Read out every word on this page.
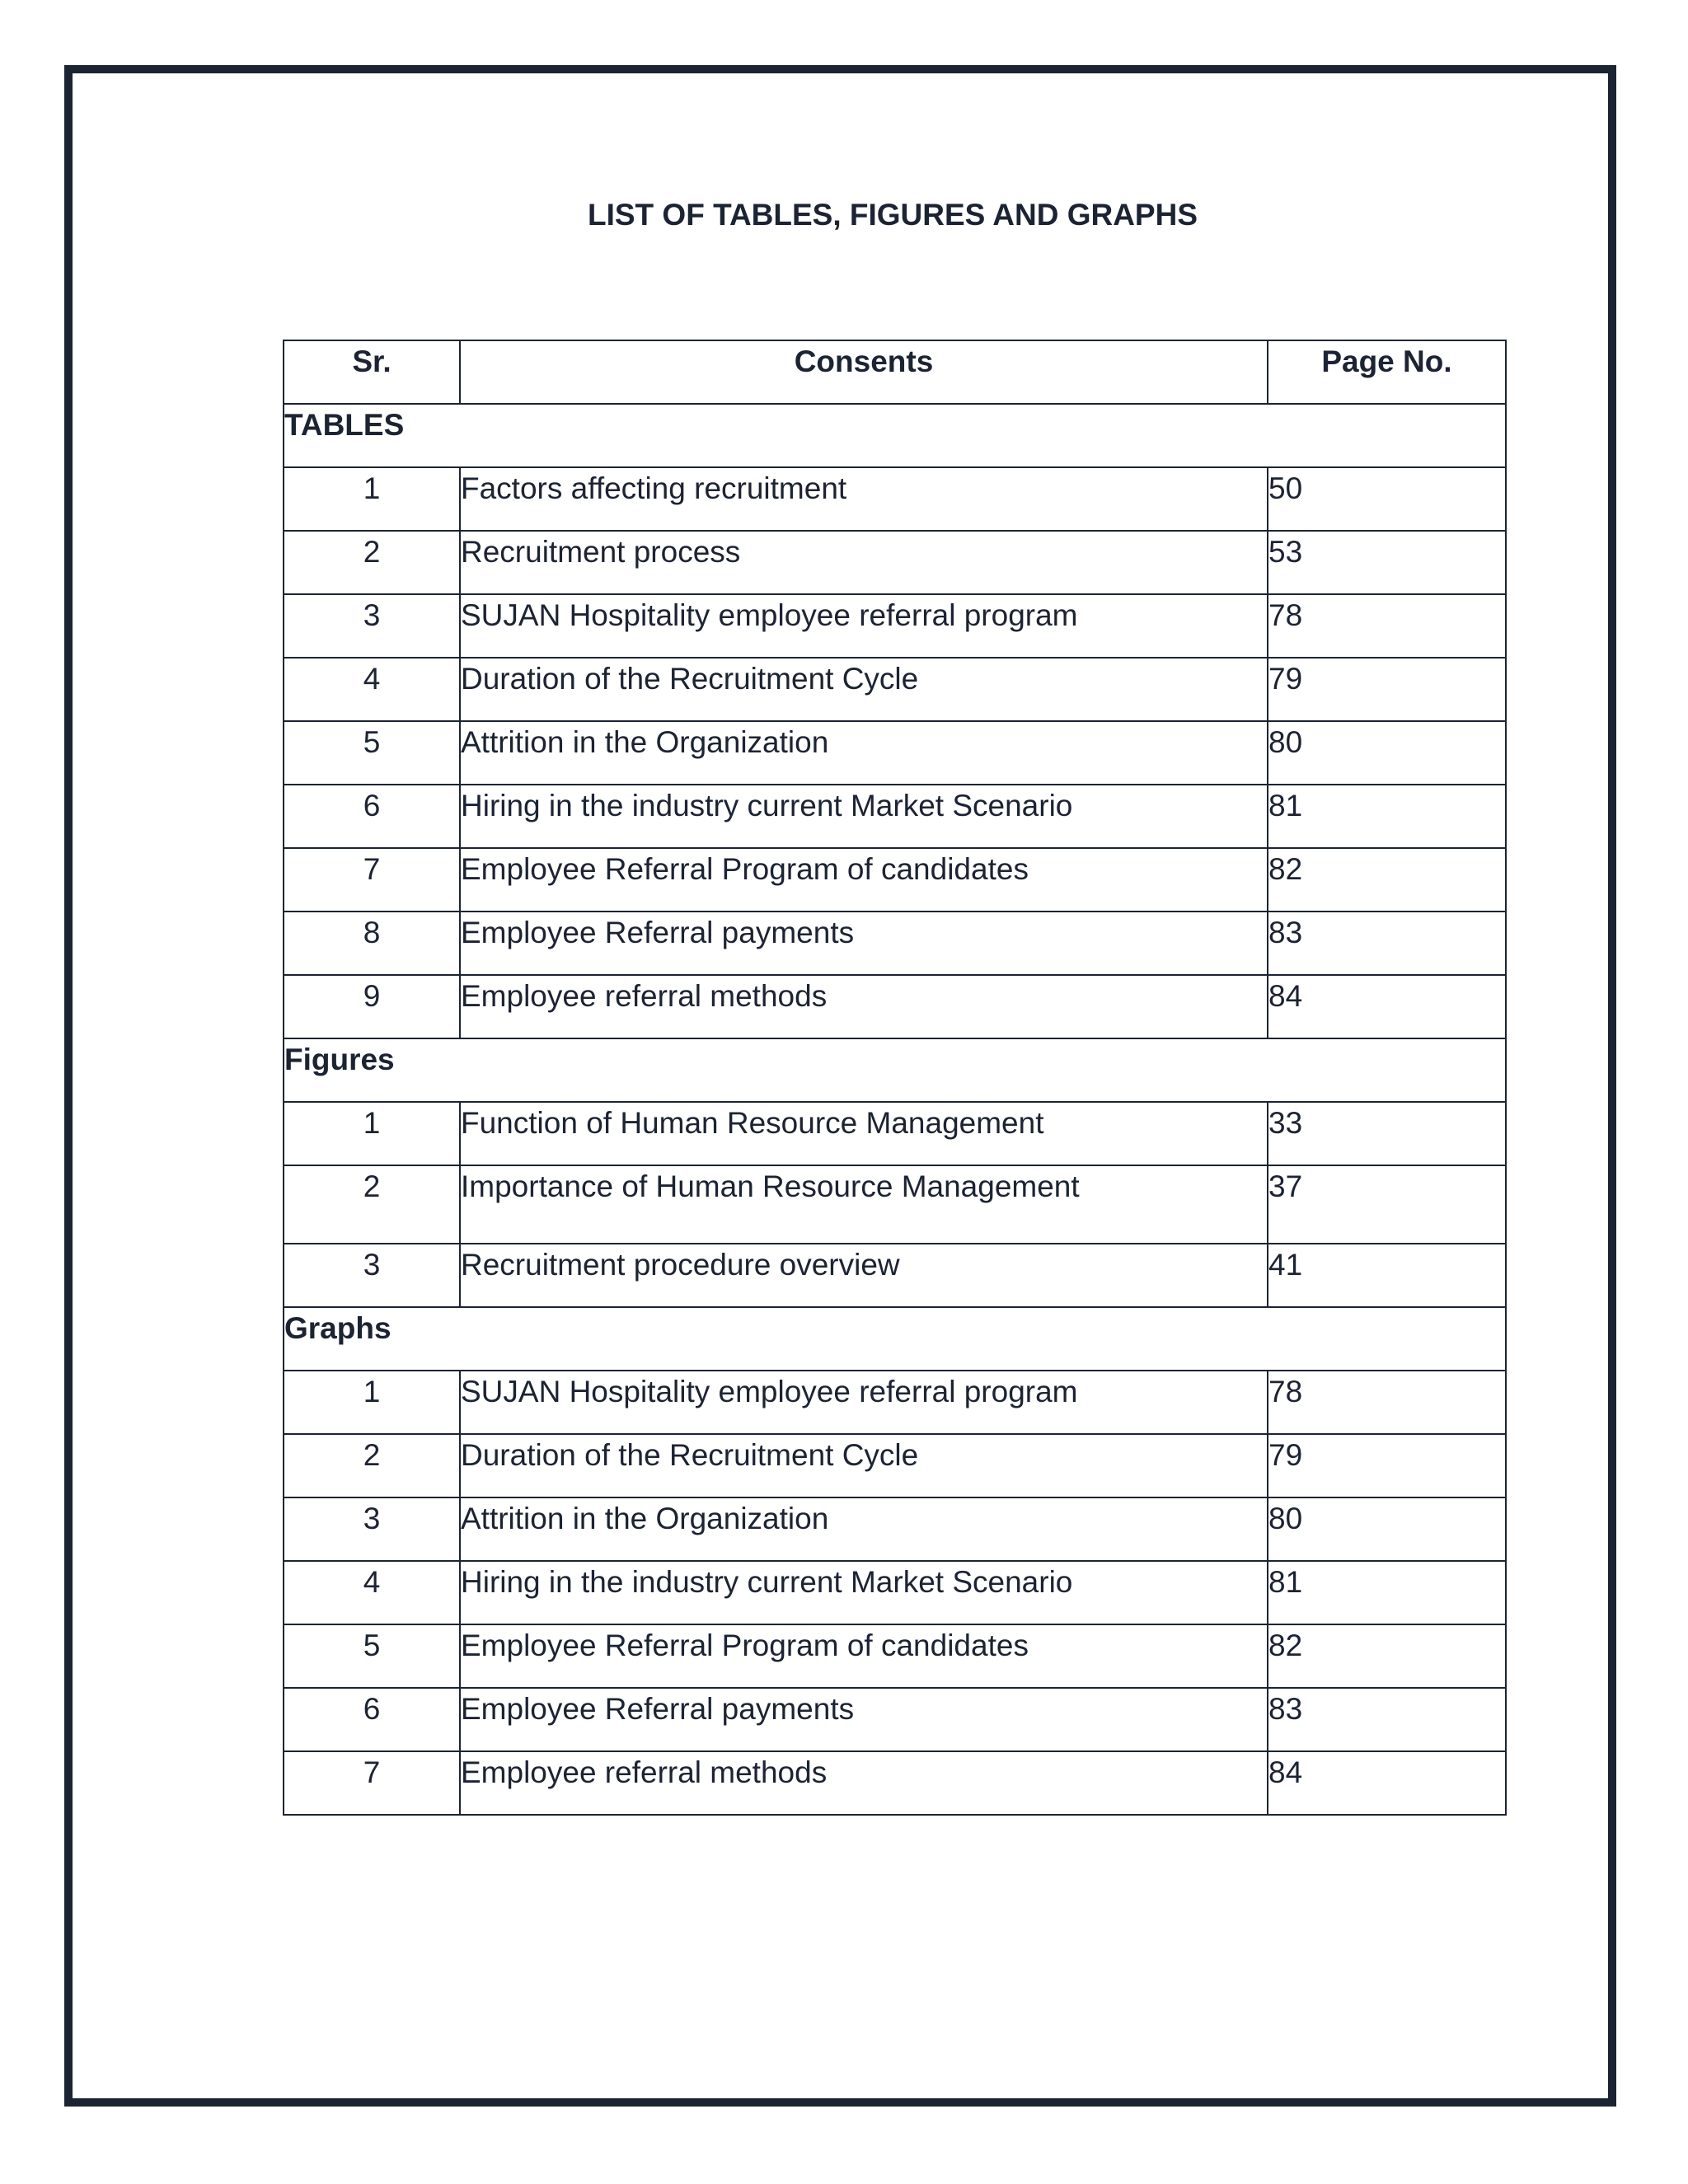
LIST OF TABLES, FIGURES AND GRAPHS
Sr.	Consents	Page No.
TABLES		
1	Factors affecting recruitment	50
2	Recruitment process	53
3	SUJAN Hospitality employee referral program	78
4	Duration of the Recruitment Cycle	79
5	Attrition in the Organization	80
6	Hiring in the industry current Market Scenario	81
7	Employee Referral Program of candidates	82
8	Employee Referral payments	83
9	Employee referral methods	84
Figures		
1	Function of Human Resource Management	33
2	Importance of Human Resource Management	37
3	Recruitment procedure overview	41
Graphs		
1	SUJAN Hospitality employee referral program	78
2	Duration of the Recruitment Cycle	79
3	Attrition in the Organization	80
4	Hiring in the industry current Market Scenario	81
5	Employee Referral Program of candidates	82
6	Employee Referral payments	83
7	Employee referral methods	84
